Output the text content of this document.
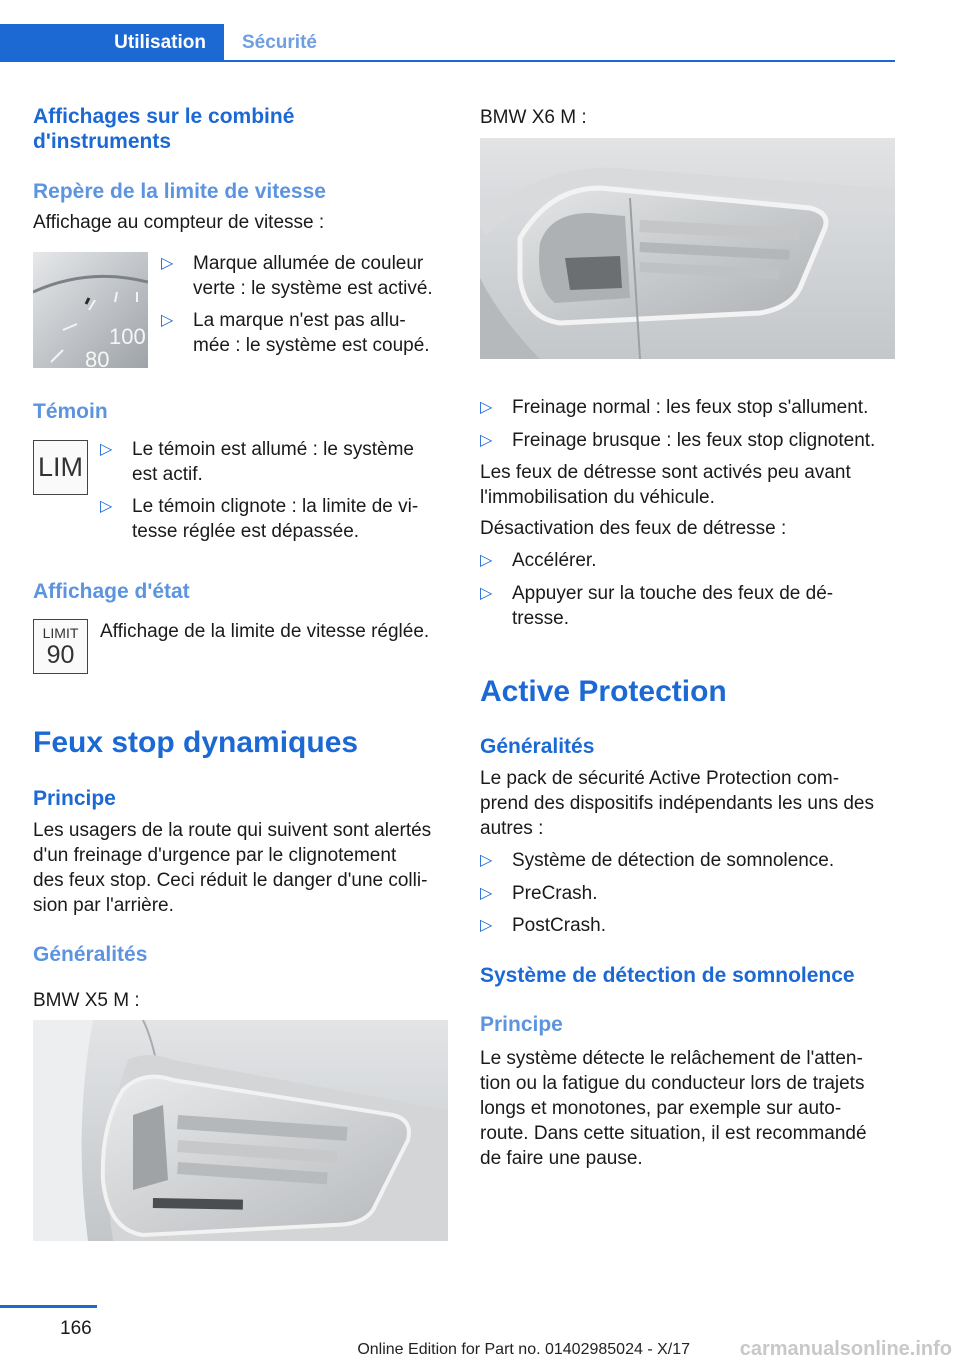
Utilisation	Sécurité
Affichages sur le combiné
d'instruments
Repère de la limite de vitesse
Affichage au compteur de vitesse :
100
80
▷ Marque allumée de couleur
verte : le système est activé.
▷ La marque n'est pas allu-
mée : le système est coupé.
Témoin
LIM
▷ Le témoin est allumé : le système
est actif.
▷ Le témoin clignote : la limite de vi-
tesse réglée est dépassée.
Affichage d'état
LIMIT
90
Affichage de la limite de vitesse réglée.
Feux stop dynamiques
Principe
Les usagers de la route qui suivent sont alertés
d'un freinage d'urgence par le clignotement
des feux stop. Ceci réduit le danger d'une colli-
sion par l'arrière.
Généralités
BMW X5 M :
BMW X6 M :
▷ Freinage normal : les feux stop s'allument.
▷ Freinage brusque : les feux stop clignotent.
Les feux de détresse sont activés peu avant
l'immobilisation du véhicule.
Désactivation des feux de détresse :
▷ Accélérer.
▷ Appuyer sur la touche des feux de dé-
tresse.
Active Protection
Généralités
Le pack de sécurité Active Protection com-
prend des dispositifs indépendants les uns des
autres :
▷ Système de détection de somnolence.
▷ PreCrash.
▷ PostCrash.
Système de détection de somnolence
Principe
Le système détecte le relâchement de l'atten-
tion ou la fatigue du conducteur lors de trajets
longs et monotones, par exemple sur auto-
route. Dans cette situation, il est recommandé
de faire une pause.
166
Online Edition for Part no. 01402985024 - X/17 carmanualsonline.info
